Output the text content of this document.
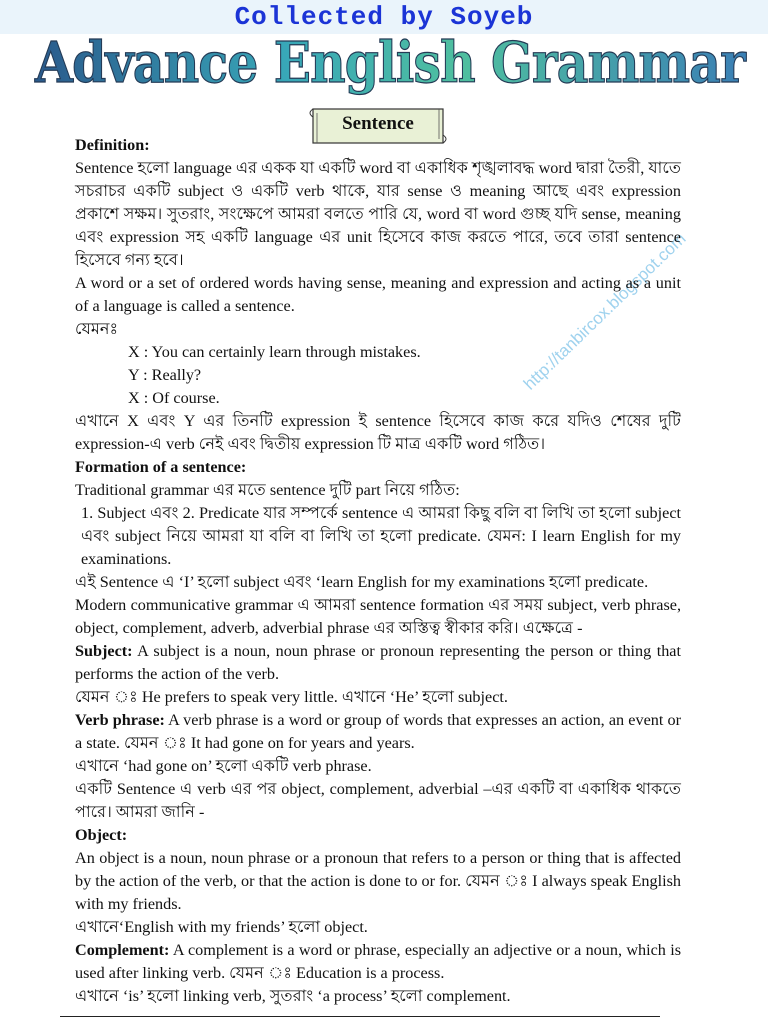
Collected by Soyeb
Advance English Grammar
Sentence
http://tanbircox.blogspot.com

Definition:

Sentence হলো language এর একক যা একটি word বা একাধিক শৃঙ্খলাবদ্ধ word দ্বারা তৈরী, যাতে সচরাচর একটি subject ও একটি verb থাকে, যার sense ও meaning আছে এবং expression প্রকাশে সক্ষম। সুতরাং, সংক্ষেপে আমরা বলতে পারি যে, word বা word গুচ্ছ যদি sense, meaning এবং expression সহ একটি language এর unit হিসেবে কাজ করতে পারে, তবে তারা sentence হিসেবে গন্য হবে।

A word or a set of ordered words having sense, meaning and expression and acting as a unit of a language is called a sentence.

যেমনঃ

X : You can certainly learn through mistakes.

Y : Really?

X : Of course.

এখানে X এবং Y এর তিনটি expression ই sentence হিসেবে কাজ করে যদিও শেষের দুটি expression-এ verb নেই এবং দ্বিতীয় expression টি মাত্র একটি word গঠিত।

Formation of a sentence:

Traditional grammar এর মতে sentence দুটি part নিয়ে গঠিত:

1. Subject এবং 2. Predicate যার সম্পর্কে sentence এ আমরা কিছু বলি বা লিখি তা হলো subject এবং subject নিয়ে আমরা যা বলি বা লিখি তা হলো predicate. যেমন: I learn English for my examinations.

এই Sentence এ ‘I’ হলো subject এবং ‘learn English for my examinations হলো predicate.

Modern communicative grammar এ আমরা sentence formation এর সময় subject, verb phrase, object, complement, adverb, adverbial phrase এর অস্তিত্ব স্বীকার করি। এক্ষেত্রে -

Subject: A subject is a noun, noun phrase or pronoun representing the person or thing that performs the action of the verb.

যেমন ঃ He prefers to speak very little. এখানে ‘He’ হলো subject.

Verb phrase: A verb phrase is a word or group of words that expresses an action, an event or a state. যেমন ঃ It had gone on for years and years.

এখানে ‘had gone on’ হলো একটি verb phrase.

একটি Sentence এ verb এর পর object, complement, adverbial –এর একটি বা একাধিক থাকতে পারে। আমরা জানি -

Object:

An object is a noun, noun phrase or a pronoun that refers to a person or thing that is affected by the action of the verb, or that the action is done to or for. যেমন ঃ I always speak English with my friends.

এখানে‘English with my friends’ হলো object.

Complement: A complement is a word or phrase, especially an adjective or a noun, which is used after linking verb. যেমন ঃ Education is a process.

এখানে ‘is’ হলো linking verb, সুতরাং ‘a process’ হলো complement.
